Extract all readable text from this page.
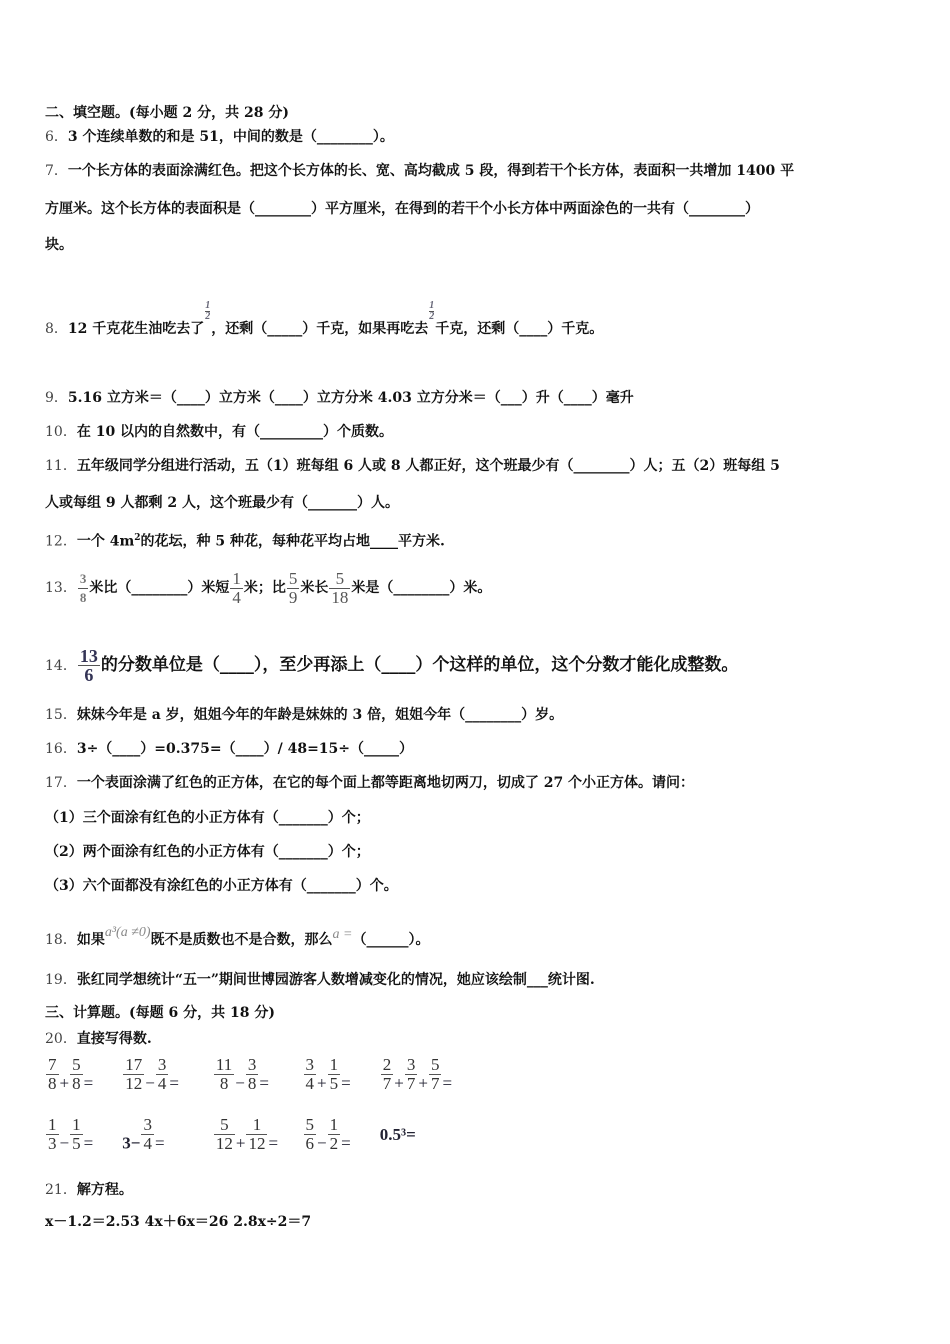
二、填空题。(每小题 2 分，共 28 分)
6．3 个连续单数的和是 51，中间的数是（________）。
7．一个长方体的表面涂满红色。把这个长方体的长、宽、高均截成 5 段，得到若干个长方体，表面积一共增加 1400 平
方厘米。这个长方体的表面积是（________）平方厘米，在得到的若干个小长方体中两面涂色的一共有（________）
块。
8．12 千克花生油吃去了
$\frac{1}{2}$
，还剩（_____）千克，如果再吃去
$\frac{1}{2}$
千克，还剩（____）千克。
9．5.16 立方米＝（____）立方米（____）立方分米 4.03 立方分米＝（___）升（____）毫升
10．在 10 以内的自然数中，有（_________）个质数。
11．五年级同学分组进行活动，五（1）班每组 6 人或 8 人都正好，这个班最少有（________）人；五（2）班每组 5
人或每组 9 人都剩 2 人，这个班最少有（_______）人。
12．一个 $4m^2$的花坛，种 5 种花，每种花平均占地____平方米.
13． $\frac{3}{8}$ 米比（________）米短 $\frac{1}{4}$ 米；比 $\frac{5}{9}$ 米长 $\frac{5}{18}$ 米是（________）米。
14． $\frac{13}{6}$ 的分数单位是（____），至少再添上（____）个这样的单位，这个分数才能化成整数。
15．妹妹今年是 a 岁，姐姐今年的年龄是妹妹的 3 倍，姐姐今年（________）岁。
16．3÷（____）=0.375=（____）/ 48=15÷（_____）
17．一个表面涂满了红色的正方体，在它的每个面上都等距离地切两刀，切成了 27 个小正方体。请问：
（1）三个面涂有红色的小正方体有（_______）个；
（2）两个面涂有红色的小正方体有（_______）个；
（3）六个面都没有涂红色的小正方体有（_______）个。
18．如果a³(a ≠0)既不是质数也不是合数，那么a =（______）。
19．张红同学想统计“五一”期间世博园游客人数增减变化的情况，她应该绘制___统计图.
三、计算题。(每题 6 分，共 18 分)
20．直接写得数.
$\frac{7}{8} + \frac{5}{8} = \frac{17}{12} - \frac{3}{4} = \frac{11}{8} - \frac{3}{8} = \frac{3}{4} + \frac{1}{5} = \frac{2}{7} + \frac{3}{7} + \frac{5}{7}$ =
$\frac{1}{3} - \frac{1}{5} = 3- \frac{3}{4}$ =	$\frac{5}{12} + \frac{1}{12} = \frac{5}{6} - \frac{1}{2} = 0.5^3=$
21．解方程。
x－1.2＝2.53 4x＋6x＝26 2.8x÷2＝7
